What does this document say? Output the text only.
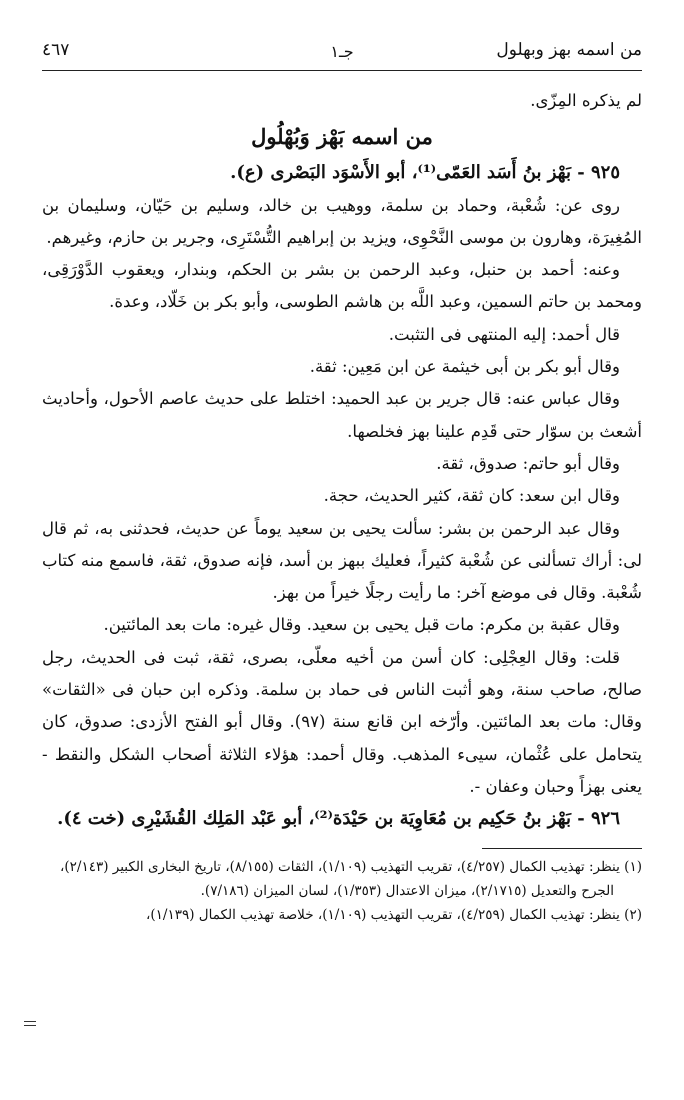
من اسمه بهز وبهلول
جـ١
٤٦٧

لم يذكره المِزّى.

من اسمه بَهْز وَبُهْلُول

٩٢٥ - بَهْز بنُ أَسَد العَمّى⁽¹⁾، أبو الأَسْوَد البَصْرى (ع).

روى عن: شُعْبة، وحماد بن سلمة، ووهيب بن خالد، وسليم بن حَيّان، وسليمان بن المُغِيرَة، وهارون بن موسى النَّحْوِى، ويزيد بن إبراهيم التُّسْتَرِى، وجرير بن حازم، وغيرهم.

وعنه: أحمد بن حنبل، وعبد الرحمن بن بشر بن الحكم، وبندار، ويعقوب الدَّوْرَقِى، ومحمد بن حاتم السمين، وعبد اللَّه بن هاشم الطوسى، وأبو بكر بن خَلّاد، وعدة.

قال أحمد: إليه المنتهى فى التثبت.

وقال أبو بكر بن أبى خيثمة عن ابن مَعِين: ثقة.

وقال عباس عنه: قال جرير بن عبد الحميد: اختلط على حديث عاصم الأحول، وأحاديث أشعث بن سوّار حتى قَدِم علينا بهز فخلصها.

وقال أبو حاتم: صدوق، ثقة.

وقال ابن سعد: كان ثقة، كثير الحديث، حجة.

وقال عبد الرحمن بن بشر: سألت يحيى بن سعيد يوماً عن حديث، فحدثنى به، ثم قال لى: أراك تسألنى عن شُعْبة كثيراً، فعليك ببهز بن أسد، فإنه صدوق، ثقة، فاسمع منه كتاب شُعْبة. وقال فى موضع آخر: ما رأيت رجلًا خيراً من بهز.

وقال عقبة بن مكرم: مات قبل يحيى بن سعيد. وقال غيره: مات بعد المائتين.

قلت: وقال العِجْلِى: كان أسن من أخيه معلّى، بصرى، ثقة، ثبت فى الحديث، رجل صالح، صاحب سنة، وهو أثبت الناس فى حماد بن سلمة. وذكره ابن حبان فى «الثقات» وقال: مات بعد المائتين. وأرّخه ابن قانع سنة (٩٧). وقال أبو الفتح الأزدى: صدوق، كان يتحامل على عُثْمان، سيىء المذهب. وقال أحمد: هؤلاء الثلاثة أصحاب الشكل والنقط - يعنى بهزاً وحبان وعفان -.

٩٢٦ - بَهْز بنُ حَكِيم بن مُعَاوِيَة بن حَيْدَة⁽²⁾، أبو عَبْد المَلِك القُشَيْرِى (خت ٤).

(١) ينظر: تهذيب الكمال (٤/٢٥٧)، تقريب التهذيب (١/١٠٩)، الثقات (٨/١٥٥)، تاريخ البخارى الكبير (٢/١٤٣)، الجرح والتعديل (٢/١٧١٥)، ميزان الاعتدال (١/٣٥٣)، لسان الميزان (٧/١٨٦).

(٢) ينظر: تهذيب الكمال (٤/٢٥٩)، تقريب التهذيب (١/١٠٩)، خلاصة تهذيب الكمال (١/١٣٩)،
